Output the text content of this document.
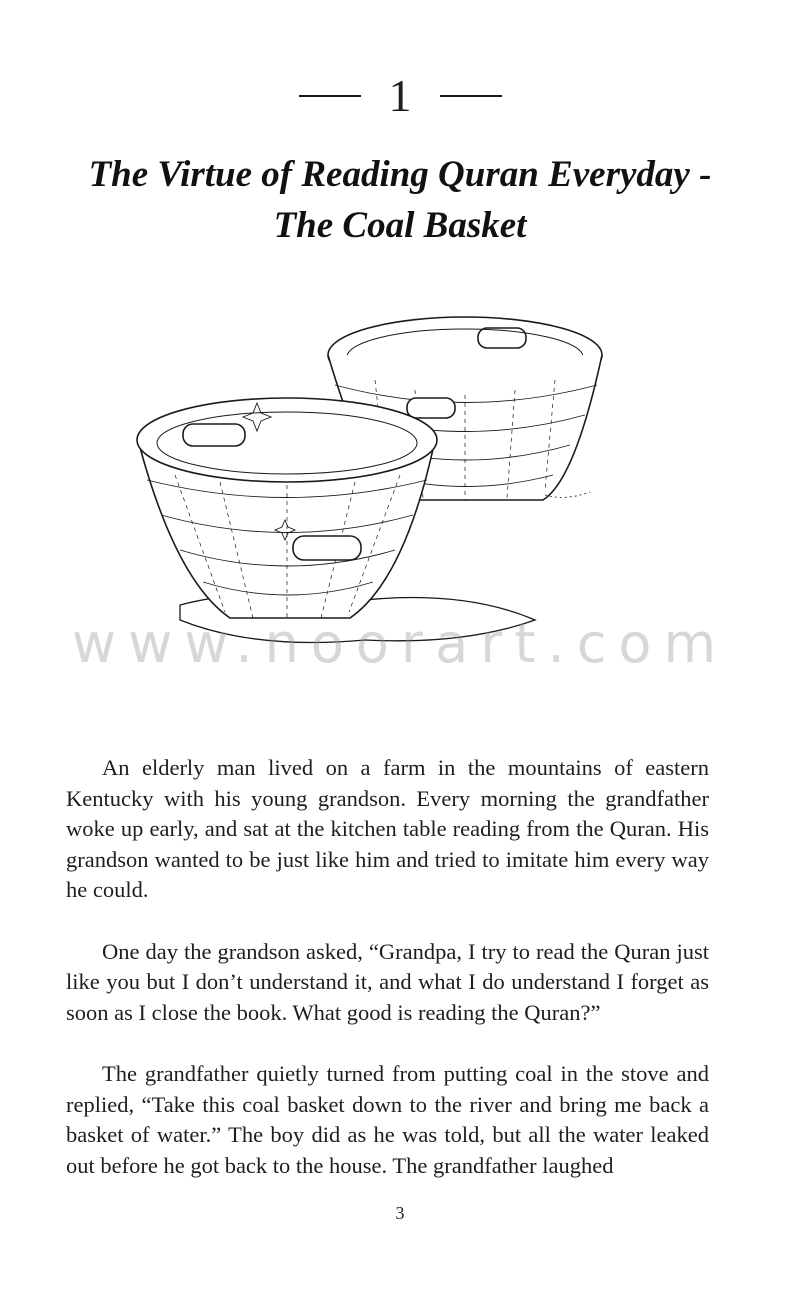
1
The Virtue of Reading Quran Everyday -
The Coal Basket
www.noorart.com

An elderly man lived on a farm in the mountains of eastern Kentucky with his young grandson. Every morning the grandfather woke up early, and sat at the kitchen table reading from the Quran. His grandson wanted to be just like him and tried to imitate him every way he could.

One day the grandson asked, “Grandpa, I try to read the Quran just like you but I don’t understand it, and what I do understand I forget as soon as I close the book. What good is reading the Quran?”

The grandfather quietly turned from putting coal in the stove and replied, “Take this coal basket down to the river and bring me back a basket of water.” The boy did as he was told, but all the water leaked out before he got back to the house. The grandfather laughed

3
